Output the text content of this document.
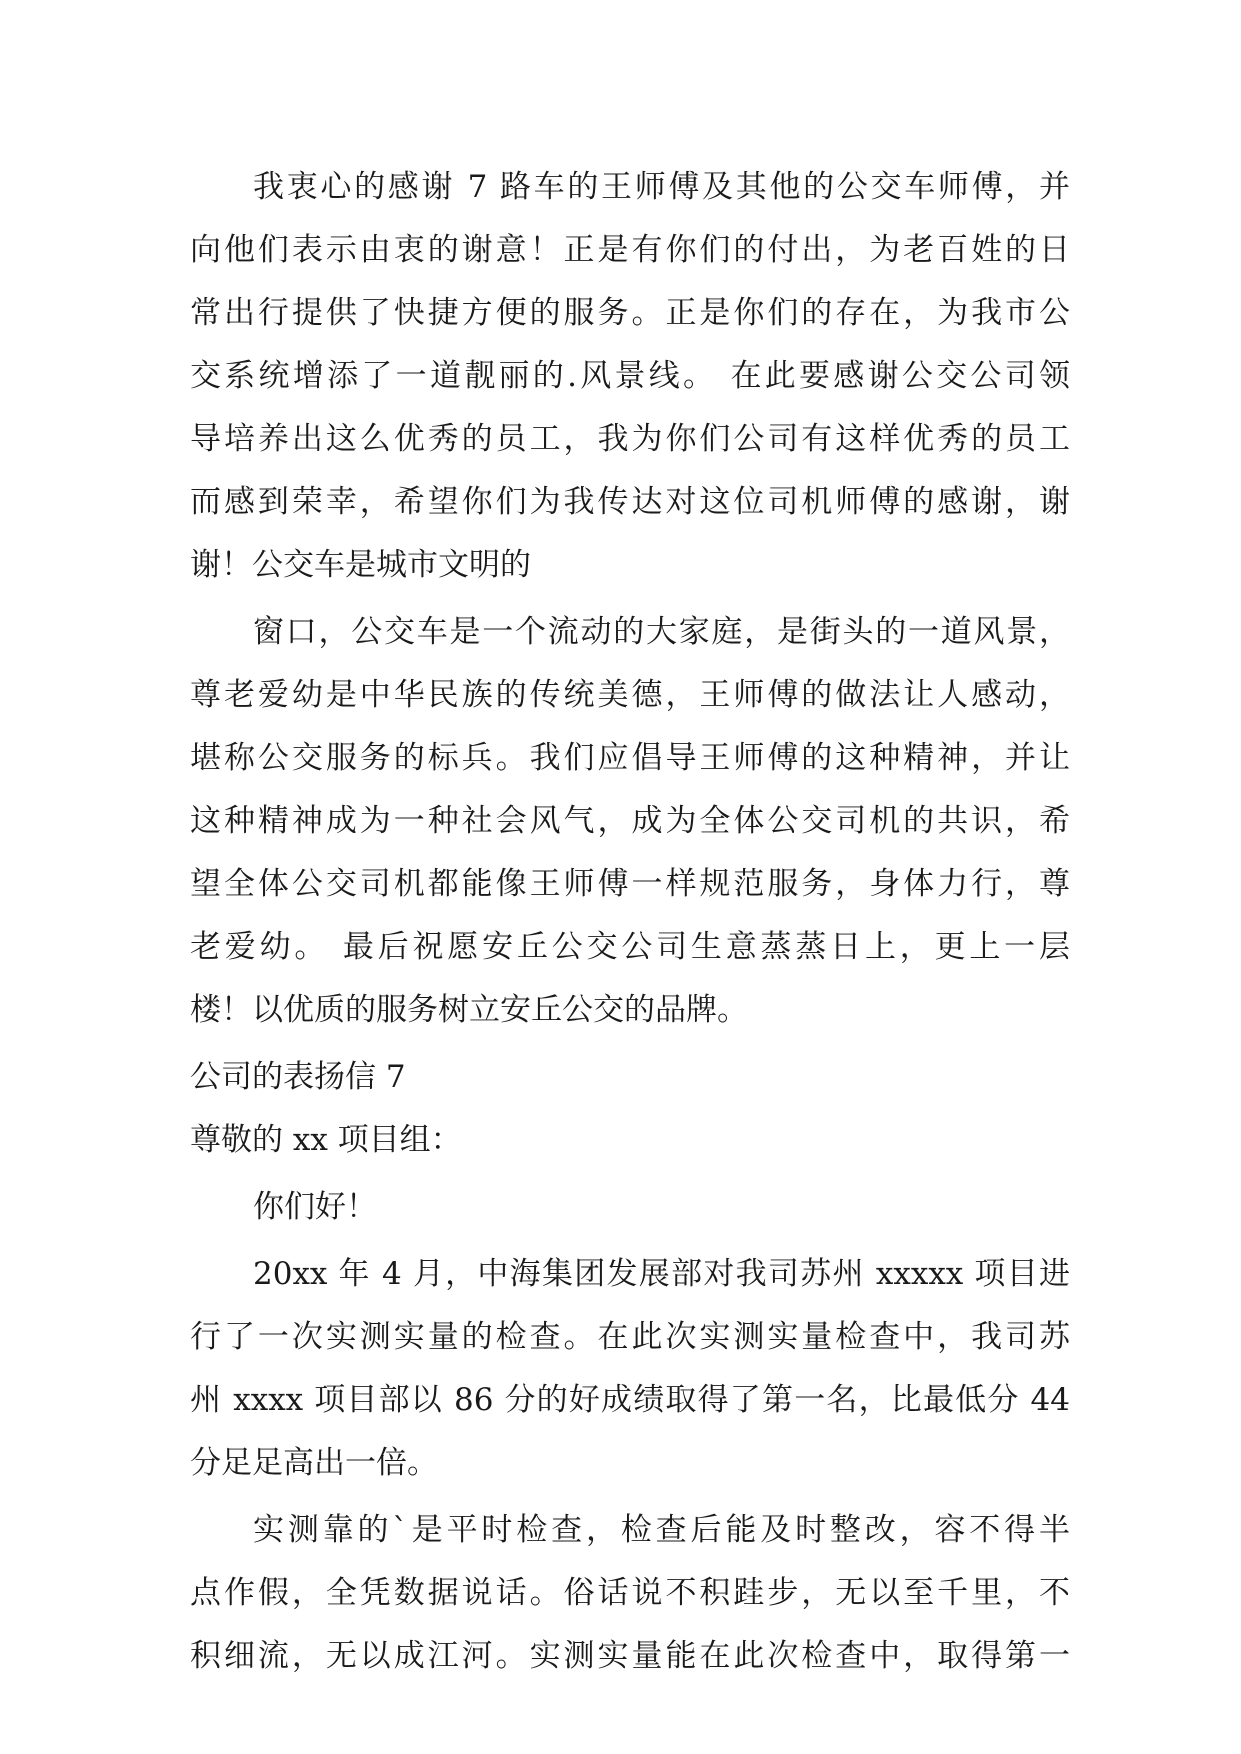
我衷心的感谢 7 路车的王师傅及其他的公交车师傅，并
向他们表示由衷的谢意！正是有你们的付出，为老百姓的日
常出行提供了快捷方便的服务。正是你们的存在，为我市公
交系统增添了一道靓丽的.风景线。 在此要感谢公交公司领
导培养出这么优秀的员工，我为你们公司有这样优秀的员工
而感到荣幸，希望你们为我传达对这位司机师傅的感谢，谢
谢！公交车是城市文明的
窗口，公交车是一个流动的大家庭，是街头的一道风景，
尊老爱幼是中华民族的传统美德，王师傅的做法让人感动，
堪称公交服务的标兵。我们应倡导王师傅的这种精神，并让
这种精神成为一种社会风气，成为全体公交司机的共识，希
望全体公交司机都能像王师傅一样规范服务，身体力行，尊
老爱幼。 最后祝愿安丘公交公司生意蒸蒸日上，更上一层
楼！以优质的服务树立安丘公交的品牌。
公司的表扬信 7
尊敬的 xx 项目组：
你们好！
20xx 年 4 月，中海集团发展部对我司苏州 xxxxx 项目进
行了一次实测实量的检查。在此次实测实量检查中，我司苏
州 xxxx 项目部以 86 分的好成绩取得了第一名，比最低分 44
分足足高出一倍。
实测靠的`是平时检查，检查后能及时整改，容不得半
点作假，全凭数据说话。俗话说不积跬步，无以至千里，不
积细流，无以成江河。实测实量能在此次检查中，取得第一
